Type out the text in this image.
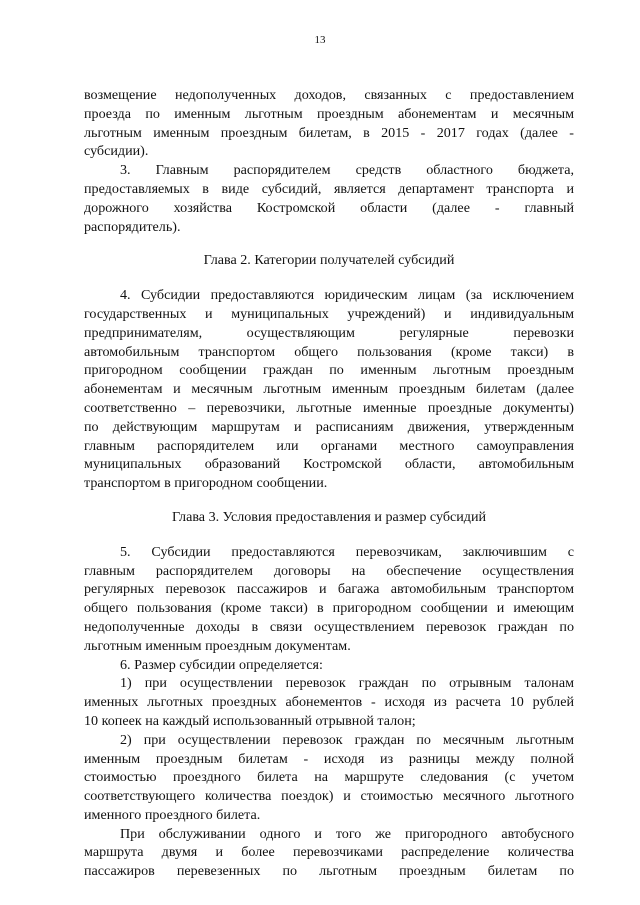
13
возмещение недополученных доходов, связанных с предоставлением
проезда по именным льготным проездным абонементам и месячным
льготным именным проездным билетам, в 2015 - 2017 годах (далее -
субсидии).
3. Главным распорядителем средств областного бюджета,
предоставляемых в виде субсидий, является департамент транспорта и
дорожного хозяйства Костромской области (далее - главный
распорядитель).
Глава 2. Категории получателей субсидий
4. Субсидии предоставляются юридическим лицам (за исключением
государственных и муниципальных учреждений) и индивидуальным
предпринимателям, осуществляющим регулярные перевозки
автомобильным транспортом общего пользования (кроме такси) в
пригородном сообщении граждан по именным льготным проездным
абонементам и месячным льготным именным проездным билетам (далее
соответственно – перевозчики, льготные именные проездные документы)
по действующим маршрутам и расписаниям движения, утвержденным
главным распорядителем или органами местного самоуправления
муниципальных образований Костромской области, автомобильным
транспортом в пригородном сообщении.
Глава 3. Условия предоставления и размер субсидий
5. Субсидии предоставляются перевозчикам, заключившим с
главным распорядителем договоры на обеспечение осуществления
регулярных перевозок пассажиров и багажа автомобильным транспортом
общего пользования (кроме такси) в пригородном сообщении и имеющим
недополученные доходы в связи осуществлением перевозок граждан по
льготным именным проездным документам.
6. Размер субсидии определяется:
1) при осуществлении перевозок граждан по отрывным талонам
именных льготных проездных абонементов - исходя из расчета 10 рублей
10 копеек на каждый использованный отрывной талон;
2) при осуществлении перевозок граждан по месячным льготным
именным проездным билетам - исходя из разницы между полной
стоимостью проездного билета на маршруте следования (с учетом
соответствующего количества поездок) и стоимостью месячного льготного
именного проездного билета.
При обслуживании одного и того же пригородного автобусного
маршрута двумя и более перевозчиками распределение количества
пассажиров перевезенных по льготным проездным билетам по
